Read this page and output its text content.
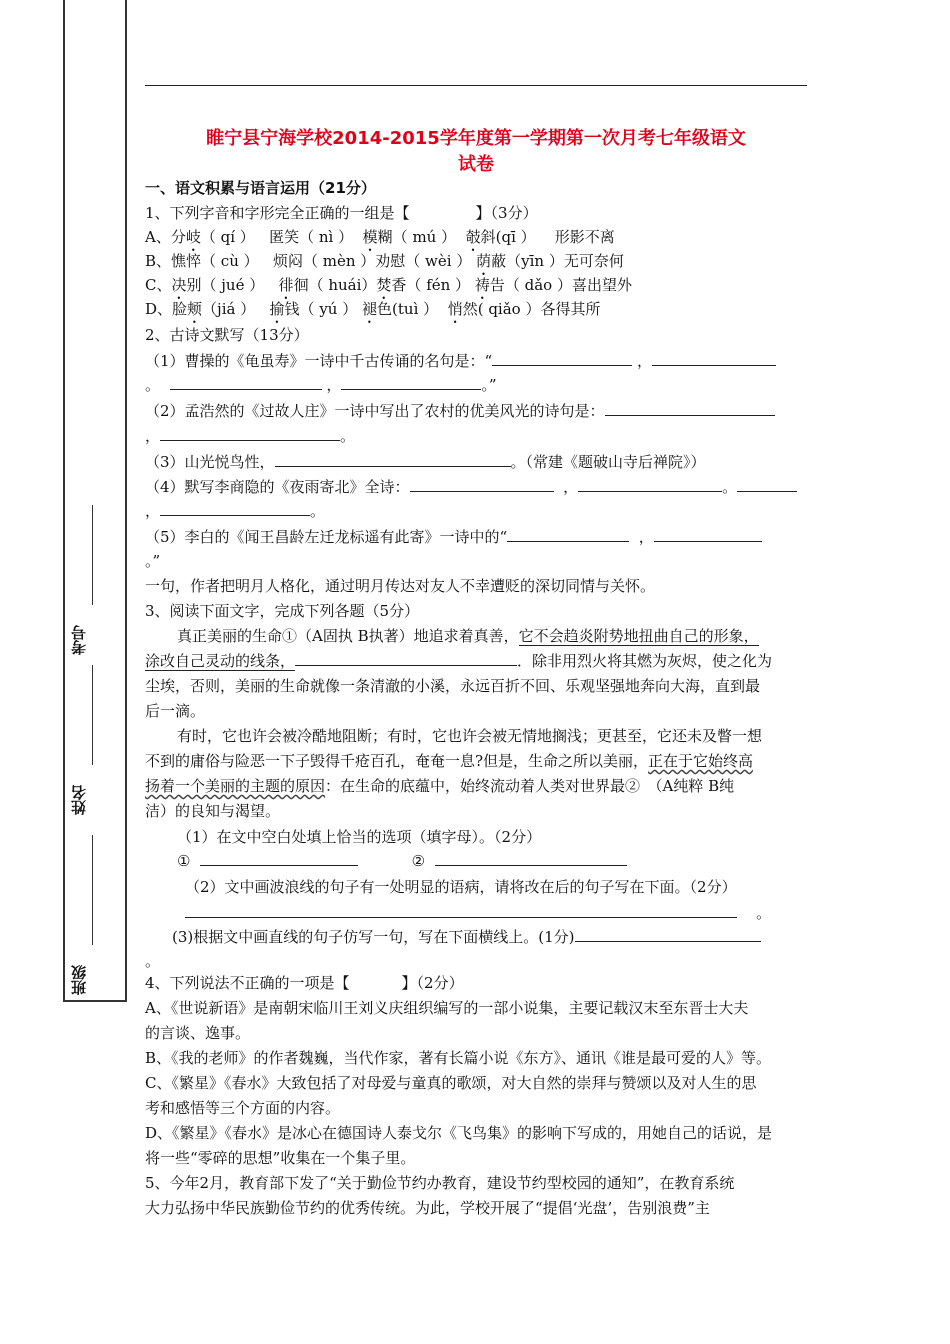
考号
姓名
班级
睢宁县宁海学校2014-2015学年度第一学期第一次月考七年级语文
试卷
一、语文积累与语言运用（21分）
1、下列字音和字形完全正确的一组是【	】（3分）
A、分岐（ qí ） 匿笑（ nì ） 模糊（ mú ） 攲斜(qī ） 形影不离
B、憔悴（ cù ） 烦闷（ mèn ）劝慰（ wèi ） 荫蔽（yīn ）无可奈何
C、决别（ jué ） 徘徊（ huái）焚香（ fén ） 祷告（ dǎo ）喜出望外
D、脸颊（jiá ） 揄钱（ yú ） 褪色(tuì ） 悄然( qiǎo ）各得其所
2、古诗文默写（13分）
（1）曹操的《龟虽寿》一诗中千古传诵的名句是：“	，
。	，	。”
（2）孟浩然的《过故人庄》一诗中写出了农村的优美风光的诗句是：
，	。
（3）山光悦鸟性，	。（常建《题破山寺后禅院》）
（4）默写李商隐的《夜雨寄北》全诗：	，	。
，	。
（5）李白的《闻王昌龄左迁龙标遥有此寄》一诗中的“	，
。”
一句，作者把明月人格化，通过明月传达对友人不幸遭贬的深切同情与关怀。
3、阅读下面文字，完成下列各题（5分）
真正美丽的生命①（A固执 B执著）地追求着真善，它不会趋炎附势地扭曲自己的形象，
涂改自己灵动的线条，	．除非用烈火将其燃为灰烬，使之化为
尘埃，否则，美丽的生命就像一条清澈的小溪，永远百折不回、乐观坚强地奔向大海，直到最
后一滴。
有时，它也许会被冷酷地阻断；有时，它也许会被无情地搁浅；更甚至，它还未及瞥一想
不到的庸俗与险恶一下子毁得千疮百孔，奄奄一息?但是，生命之所以美丽，正在于它始终高
扬着一个美丽的主题的原因：在生命的底蕴中，始终流动着人类对世界最②　（A纯粹 B纯
洁）的良知与渴望。
（1）在文中空白处填上恰当的选项（填字母）。（2分）
①	②
（2）文中画波浪线的句子有一处明显的语病，请将改在后的句子写在下面。（2分）
。
(3)根据文中画直线的句子仿写一句，写在下面横线上。(1分)
。
4、下列说法不正确的一项是【	】（2分）
A、《世说新语》是南朝宋临川王刘义庆组织编写的一部小说集，主要记载汉末至东晋士大夫
的言谈、逸事。
B、《我的老师》的作者魏巍，当代作家，著有长篇小说《东方》、通讯《谁是最可爱的人》等。
C、《繁星》《春水》大致包括了对母爱与童真的歌颂，对大自然的崇拜与赞颂以及对人生的思
考和感悟等三个方面的内容。
D、《繁星》《春水》是冰心在德国诗人泰戈尔《飞鸟集》的影响下写成的，用她自己的话说，是
将一些“零碎的思想”收集在一个集子里。
5、今年2月，教育部下发了“关于勤俭节约办教育，建设节约型校园的通知”，在教育系统
大力弘扬中华民族勤俭节约的优秀传统。为此，学校开展了“提倡‘光盘’，告别浪费”主
